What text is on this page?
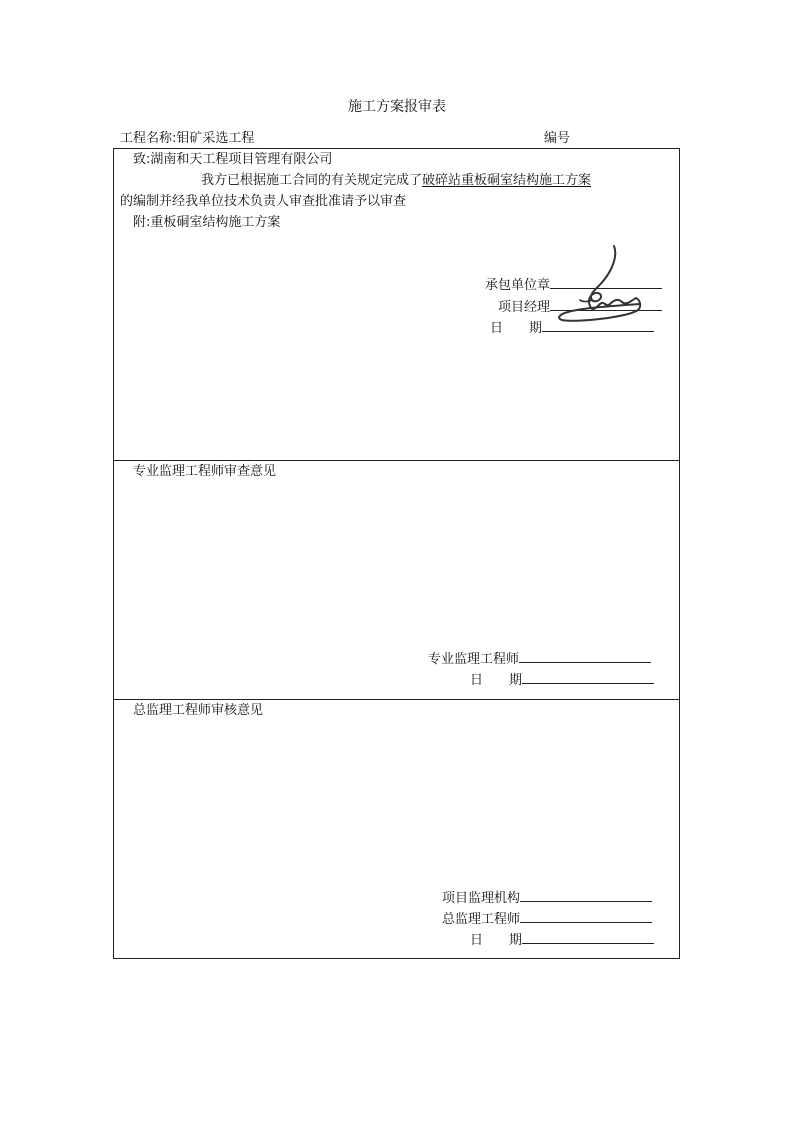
施工方案报审表
工程名称:钼矿采选工程	编号
致:湖南和天工程项目管理有限公司
我方已根据施工合同的有关规定完成了破碎站重板硐室结构施工方案
的编制并经我单位技术负责人审查批准请予以审查
附:重板硐室结构施工方案
承包单位章
项目经理
日　　期
专业监理工程师审查意见
专业监理工程师
日　　期
总监理工程师审核意见
项目监理机构
总监理工程师
日　　期
